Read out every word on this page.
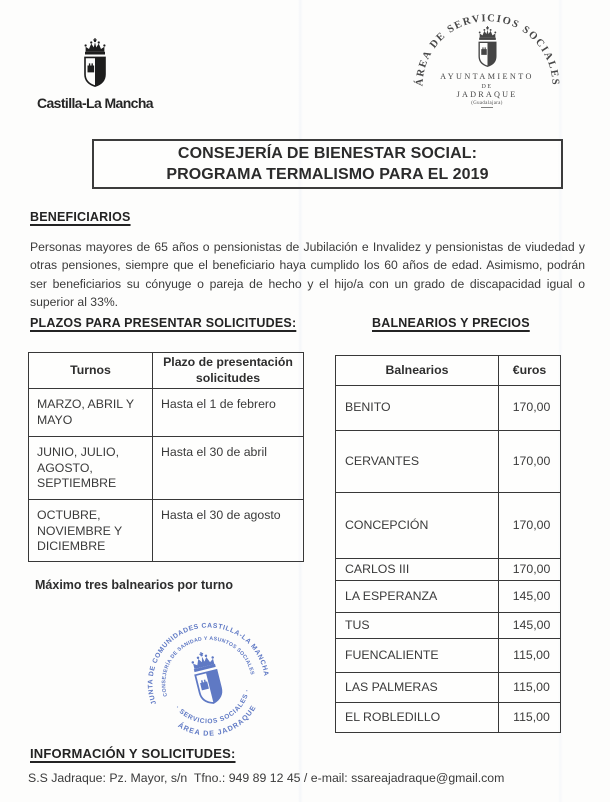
Castilla-La Mancha
ÁREA DE SERVICIOS SOCIALES
AYUNTAMIENTO
DE
JADRAQUE
(Guadalajara)
CONSEJERÍA DE BIENESTAR SOCIAL:
PROGRAMA TERMALISMO PARA EL 2019
BENEFICIARIOS

Personas mayores de 65 años o pensionistas de Jubilación e Invalidez y pensionistas de viudedad y otras pensiones, siempre que el beneficiario haya cumplido los 60 años de edad. Asimismo, podrán ser beneficiarios su cónyuge o pareja de hecho y el hijo/a con un grado de discapacidad igual o superior al 33%.

PLAZOS PARA PRESENTAR SOLICITUDES:	BALNEARIOS Y PRECIOS
Turnos	Plazo de presentación
solicitudes

MARZO, ABRIL Y MAYO	Hasta el 1 de febrero
JUNIO, JULIO, AGOSTO, SEPTIEMBRE	Hasta el 30 de abril
OCTUBRE, NOVIEMBRE Y DICIEMBRE	Hasta el 30 de agosto
Balnearios	€uros
BENITO	170,00
CERVANTES	170,00
CONCEPCIÓN	170,00
CARLOS III	170,00
LA ESPERANZA	145,00
TUS	145,00
FUENCALIENTE	115,00
LAS PALMERAS	115,00
EL ROBLEDILLO	115,00
Máximo tres balnearios por turno
JUNTA DE COMUNIDADES CASTILLA-LA MANCHA
CONSEJERÍA DE SANIDAD Y ASUNTOS SOCIALES
· SERVICIOS SOCIALES ·
ÁREA DE JADRAQUE
INFORMACIÓN Y SOLICITUDES:
S.S Jadraque: Pz. Mayor, s/n  Tfno.: 949 89 12 45 / e-mail: ssareajadraque@gmail.com
